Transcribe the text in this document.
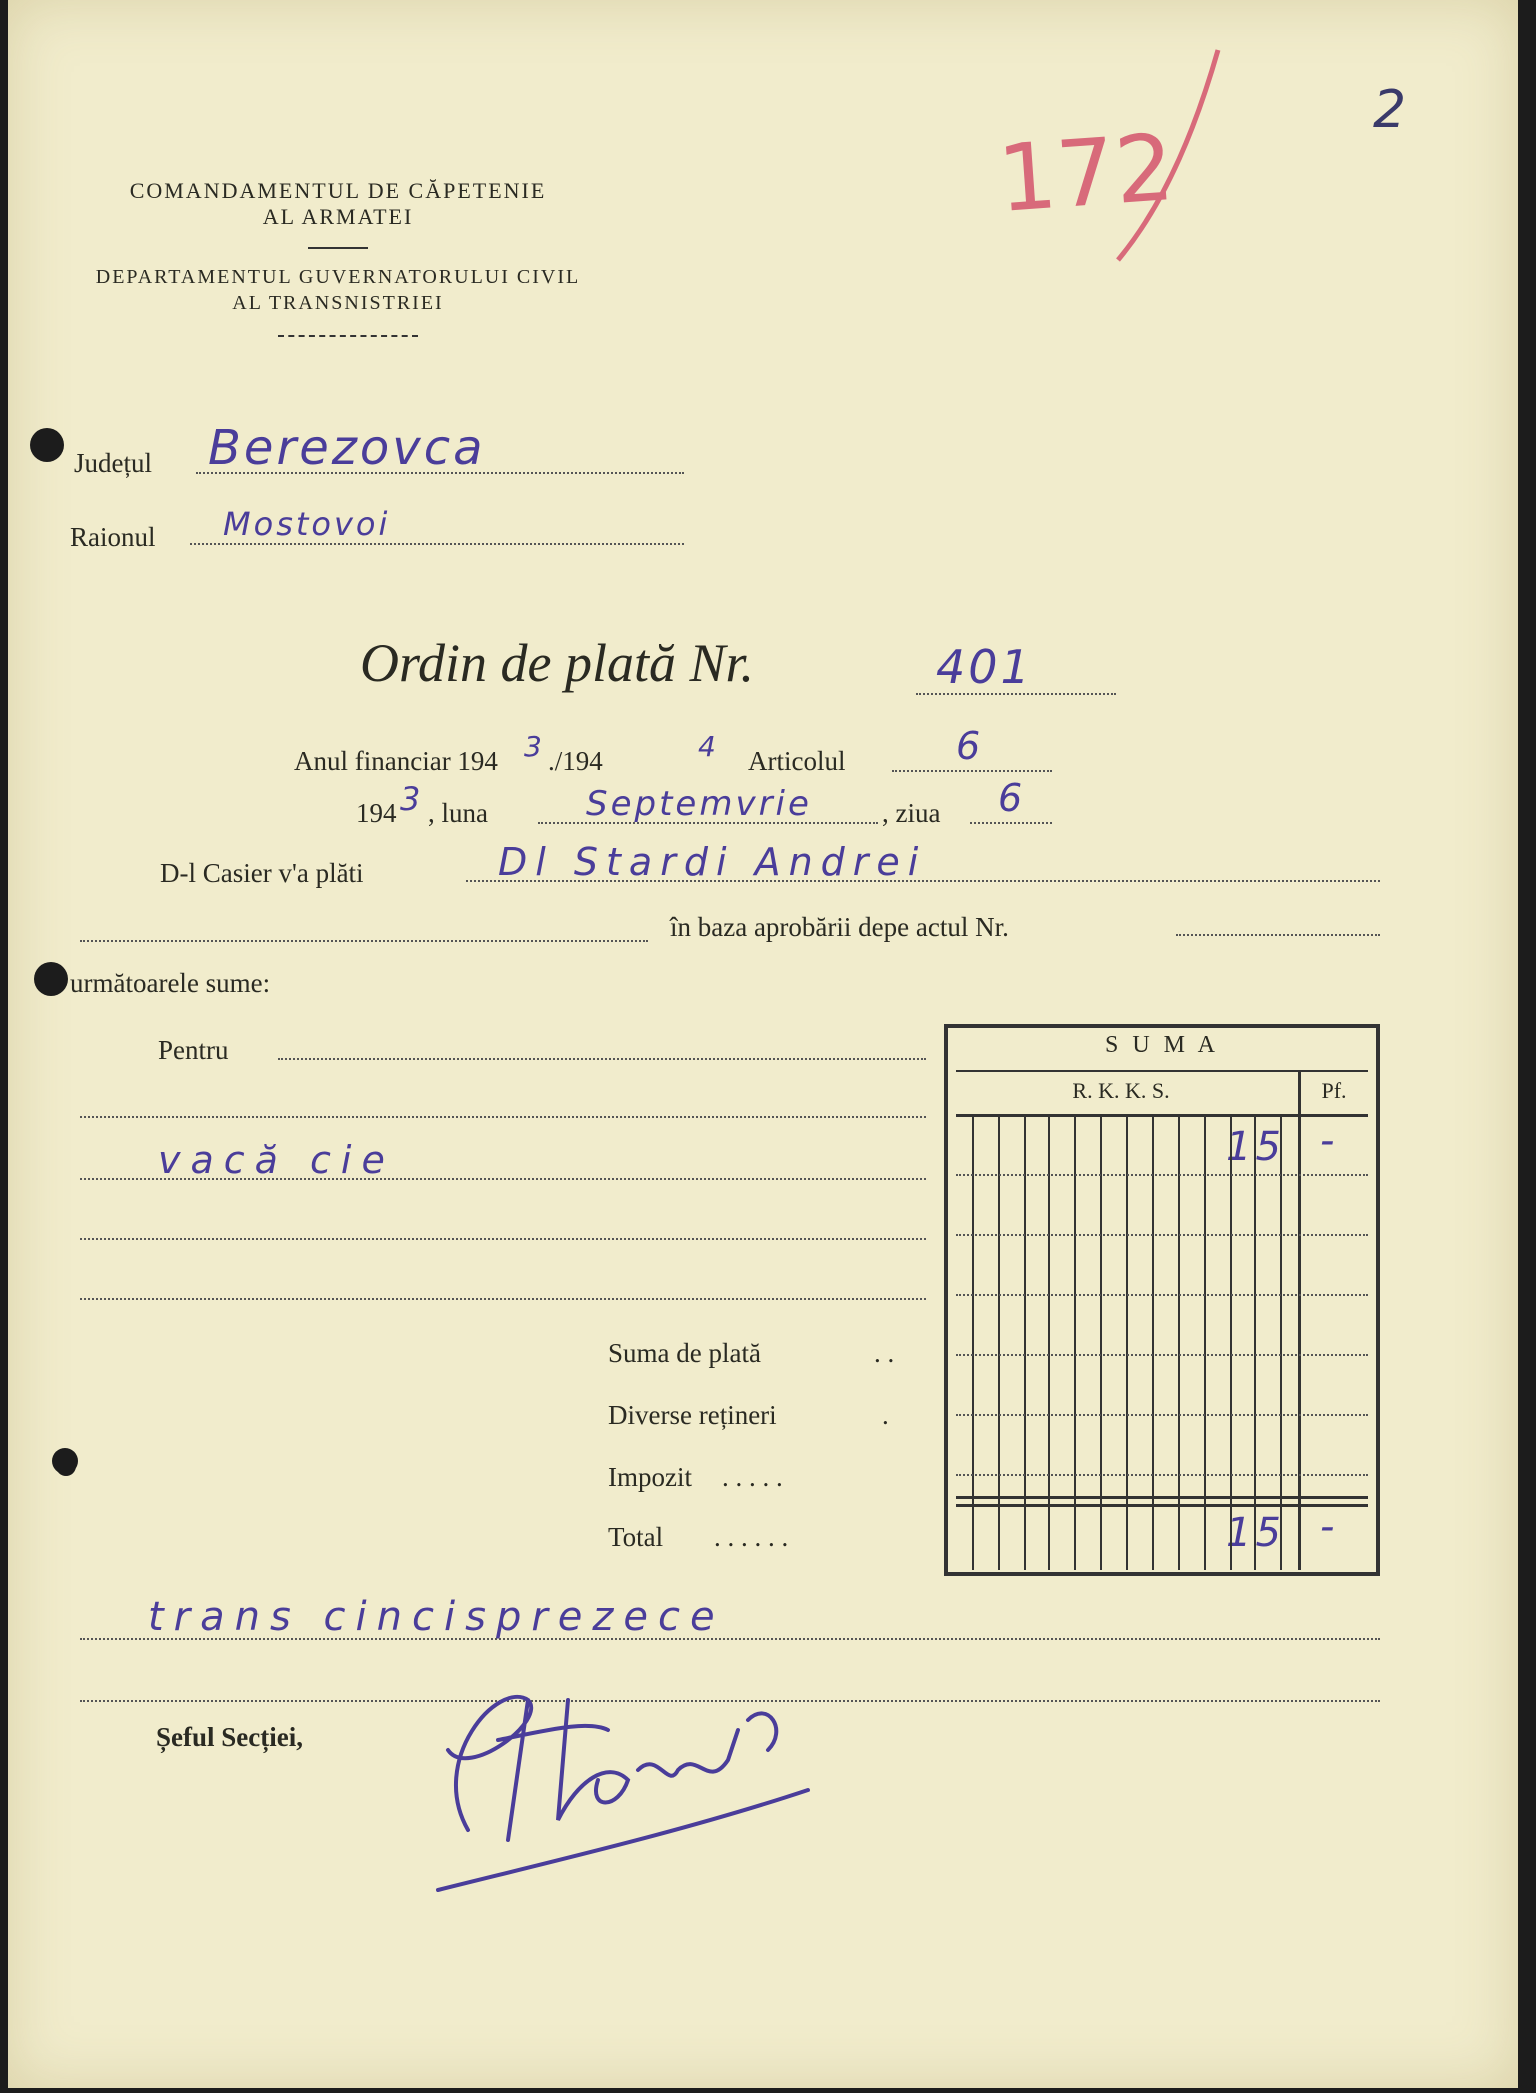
COMANDAMENTUL DE CĂPETENIE
AL ARMATEI
DEPARTAMENTUL GUVERNATORULUI CIVIL
AL TRANSNISTRIEI
172
2
Județul Berezovca
Raionul Mostovoi
Ordin de plată Nr.	401
Anul financiar 194 3 ./194	4 Articolul	6
194 3 , luna	Septemvrie	, ziua 6
D-l Casier v'a plăti	Dl Stardi Andrei
în baza aprobării depe actul Nr.
următoarele sume:
Pentru
vacă cie
Suma de plată	. .
Diverse rețineri	.
Impozit . . . . .
Total . . . . . .
S U M A
R. K. K. S.	Pf.
15 -
15 -
trans cincisprezece
Șeful Secției,
